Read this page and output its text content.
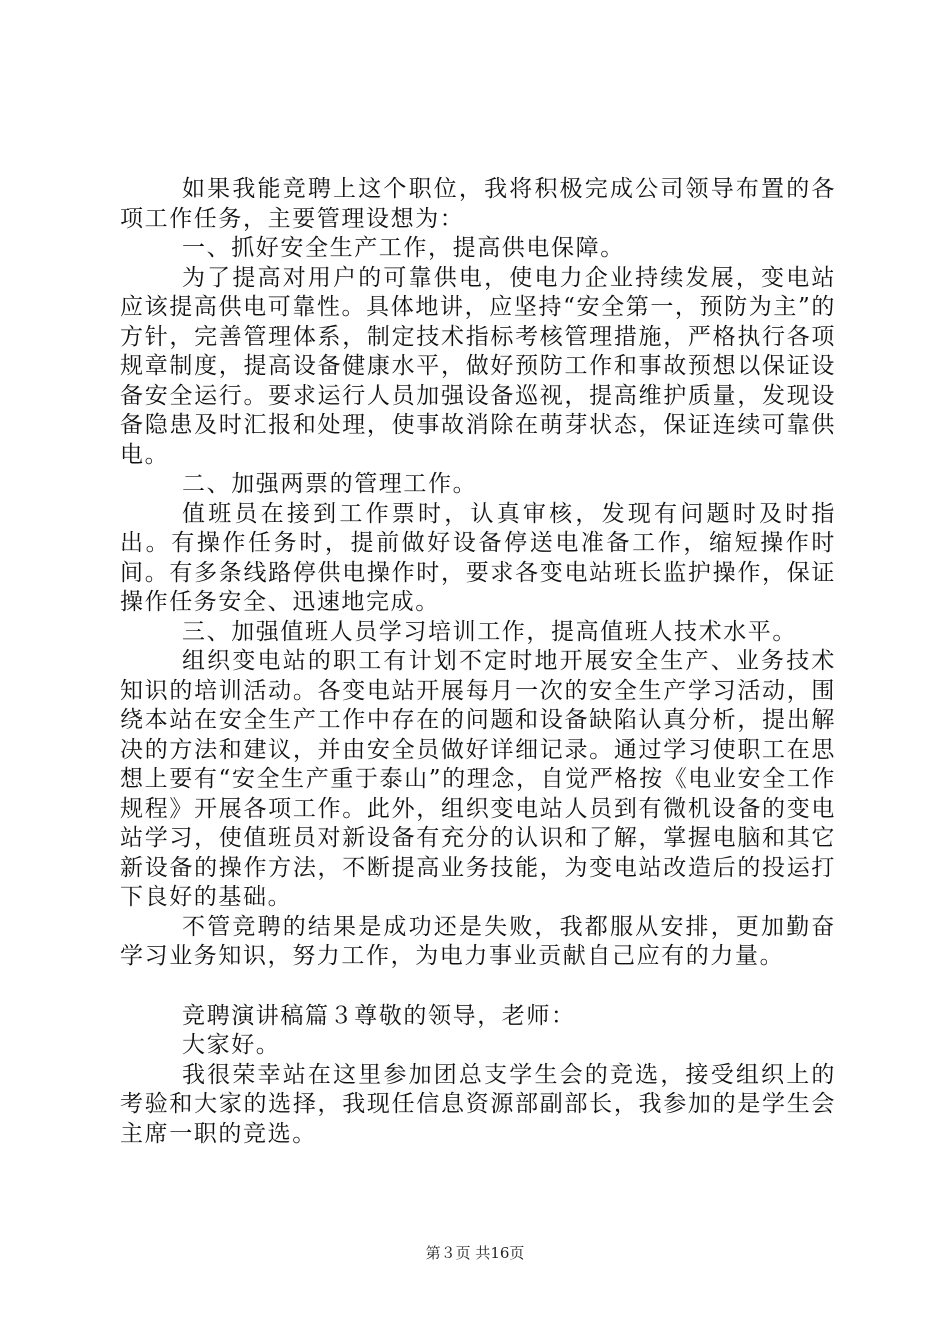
如果我能竞聘上这个职位，我将积极完成公司领导布置的各项工作任务，主要管理设想为：

一、抓好安全生产工作，提高供电保障。

为了提高对用户的可靠供电，使电力企业持续发展，变电站应该提高供电可靠性。具体地讲，应坚持“安全第一，预防为主”的方针，完善管理体系，制定技术指标考核管理措施，严格执行各项规章制度，提高设备健康水平，做好预防工作和事故预想以保证设备安全运行。要求运行人员加强设备巡视，提高维护质量，发现设备隐患及时汇报和处理，使事故消除在萌芽状态，保证连续可靠供电。

二、加强两票的管理工作。

值班员在接到工作票时，认真审核，发现有问题时及时指出。有操作任务时，提前做好设备停送电准备工作，缩短操作时间。有多条线路停供电操作时，要求各变电站班长监护操作，保证操作任务安全、迅速地完成。

三、加强值班人员学习培训工作，提高值班人技术水平。

组织变电站的职工有计划不定时地开展安全生产、业务技术知识的培训活动。各变电站开展每月一次的安全生产学习活动，围绕本站在安全生产工作中存在的问题和设备缺陷认真分析，提出解决的方法和建议，并由安全员做好详细记录。通过学习使职工在思想上要有“安全生产重于泰山”的理念，自觉严格按《电业安全工作规程》开展各项工作。此外，组织变电站人员到有微机设备的变电站学习，使值班员对新设备有充分的认识和了解，掌握电脑和其它新设备的操作方法，不断提高业务技能，为变电站改造后的投运打下良好的基础。

不管竞聘的结果是成功还是失败，我都服从安排，更加勤奋学习业务知识，努力工作，为电力事业贡献自己应有的力量。

竞聘演讲稿篇３尊敬的领导，老师：

大家好。

我很荣幸站在这里参加团总支学生会的竞选，接受组织上的考验和大家的选择，我现任信息资源部副部长，我参加的是学生会主席一职的竞选。

第３页 共16页
